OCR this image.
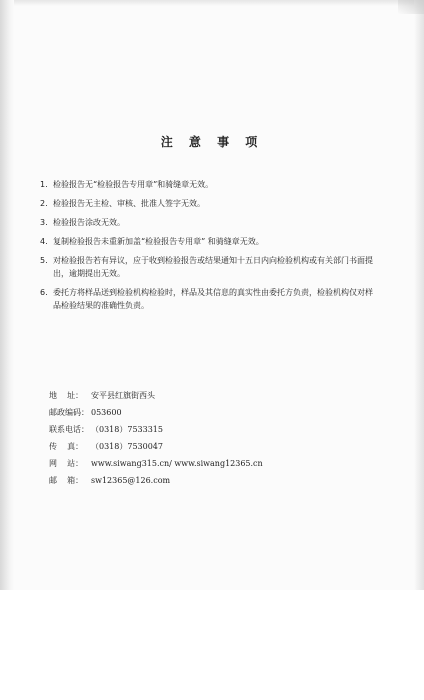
注 意 事 项
1. 检验报告无“检验报告专用章”和骑缝章无效。
2. 检验报告无主检、审核、批准人签字无效。
3. 检验报告涂改无效。
4. 复制检验报告未重新加盖“检验报告专用章” 和骑缝章无效。
5. 对检验报告若有异议，应于收到检验报告或结果通知十五日内向检验机构或有关部门书面提出，逾期提出无效。
6. 委托方将样品送到检验机构检验时，样品及其信息的真实性由委托方负责，检验机构仅对样品检验结果的准确性负责。
地    址： 安平县红旗街西头
邮政编码： 053600
联系电话： （0318）7533315
传    真： （0318）7530047
网    站： www.siwang315.cn/ www.siwang12365.cn
邮    箱： sw12365@126.com
